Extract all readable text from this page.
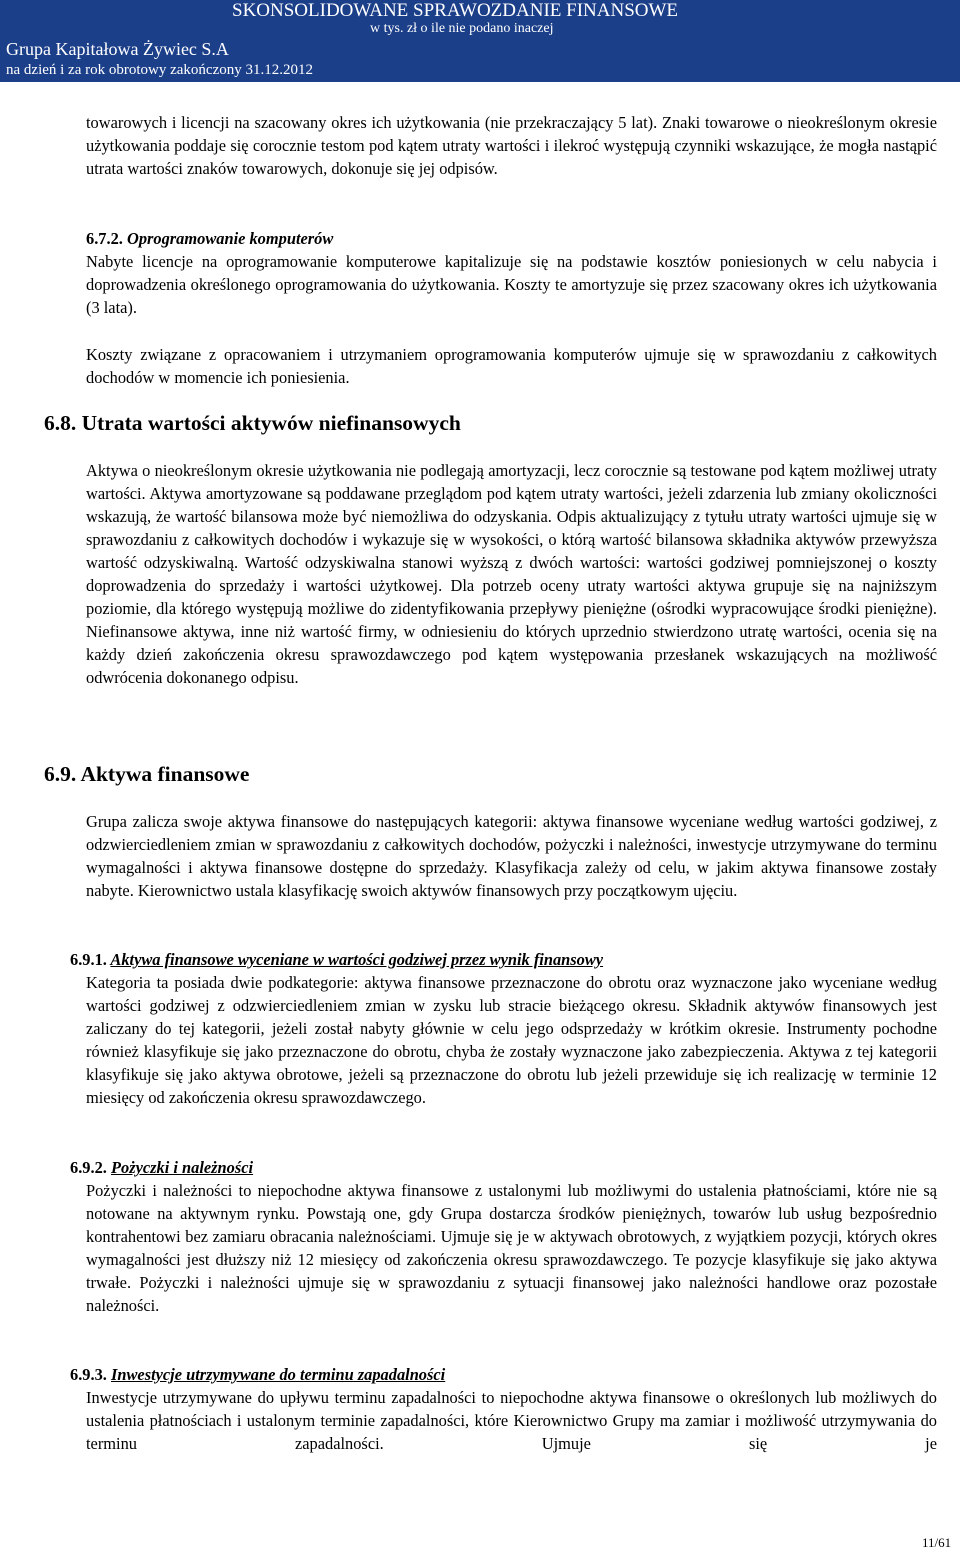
SKONSOLIDOWANE SPRAWOZDANIE FINANSOWE
w tys. zł o ile nie podano inaczej
Grupa Kapitałowa Żywiec S.A
na dzień i za rok obrotowy zakończony 31.12.2012

towarowych i licencji na szacowany okres ich użytkowania (nie przekraczający 5 lat). Znaki towarowe o nieokreślonym okresie użytkowania poddaje się corocznie testom pod kątem utraty wartości i ilekroć występują czynniki wskazujące, że mogła nastąpić utrata wartości znaków towarowych, dokonuje się jej odpisów.

6.7.2. Oprogramowanie komputerów

Nabyte licencje na oprogramowanie komputerowe kapitalizuje się na podstawie kosztów poniesionych w celu nabycia i doprowadzenia określonego oprogramowania do użytkowania. Koszty te amortyzuje się przez szacowany okres ich użytkowania (3 lata).

Koszty związane z opracowaniem i utrzymaniem oprogramowania komputerów ujmuje się w sprawozdaniu z całkowitych dochodów w momencie ich poniesienia.

6.8. Utrata wartości aktywów niefinansowych

Aktywa o nieokreślonym okresie użytkowania nie podlegają amortyzacji, lecz corocznie są testowane pod kątem możliwej utraty wartości. Aktywa amortyzowane są poddawane przeglądom pod kątem utraty wartości, jeżeli zdarzenia lub zmiany okoliczności wskazują, że wartość bilansowa może być niemożliwa do odzyskania. Odpis aktualizujący z tytułu utraty wartości ujmuje się w sprawozdaniu z całkowitych dochodów i wykazuje się w wysokości, o którą wartość bilansowa składnika aktywów przewyższa wartość odzyskiwalną. Wartość odzyskiwalna stanowi wyższą z dwóch wartości: wartości godziwej pomniejszonej o koszty doprowadzenia do sprzedaży i wartości użytkowej. Dla potrzeb oceny utraty wartości aktywa grupuje się na najniższym poziomie, dla którego występują możliwe do zidentyfikowania przepływy pieniężne (ośrodki wypracowujące środki pieniężne). Niefinansowe aktywa, inne niż wartość firmy, w odniesieniu do których uprzednio stwierdzono utratę wartości, ocenia się na każdy dzień zakończenia okresu sprawozdawczego pod kątem występowania przesłanek wskazujących na możliwość odwrócenia dokonanego odpisu.

6.9. Aktywa finansowe

Grupa zalicza swoje aktywa finansowe do następujących kategorii: aktywa finansowe wyceniane według wartości godziwej, z odzwierciedleniem zmian w sprawozdaniu z całkowitych dochodów, pożyczki i należności, inwestycje utrzymywane do terminu wymagalności i aktywa finansowe dostępne do sprzedaży. Klasyfikacja zależy od celu, w jakim aktywa finansowe zostały nabyte. Kierownictwo ustala klasyfikację swoich aktywów finansowych przy początkowym ujęciu.

6.9.1. Aktywa finansowe wyceniane w wartości godziwej przez wynik finansowy

Kategoria ta posiada dwie podkategorie: aktywa finansowe przeznaczone do obrotu oraz wyznaczone jako wyceniane według wartości godziwej z odzwierciedleniem zmian w zysku lub stracie bieżącego okresu. Składnik aktywów finansowych jest zaliczany do tej kategorii, jeżeli został nabyty głównie w celu jego odsprzedaży w krótkim okresie. Instrumenty pochodne również klasyfikuje się jako przeznaczone do obrotu, chyba że zostały wyznaczone jako zabezpieczenia. Aktywa z tej kategorii klasyfikuje się jako aktywa obrotowe, jeżeli są przeznaczone do obrotu lub jeżeli przewiduje się ich realizację w terminie 12 miesięcy od zakończenia okresu sprawozdawczego.

6.9.2. Pożyczki i należności

Pożyczki i należności to niepochodne aktywa finansowe z ustalonymi lub możliwymi do ustalenia płatnościami, które nie są notowane na aktywnym rynku. Powstają one, gdy Grupa dostarcza środków pieniężnych, towarów lub usług bezpośrednio kontrahentowi bez zamiaru obracania należnościami. Ujmuje się je w aktywach obrotowych, z wyjątkiem pozycji, których okres wymagalności jest dłuższy niż 12 miesięcy od zakończenia okresu sprawozdawczego. Te pozycje klasyfikuje się jako aktywa trwałe. Pożyczki i należności ujmuje się w sprawozdaniu z sytuacji finansowej jako należności handlowe oraz pozostałe należności.

6.9.3. Inwestycje utrzymywane do terminu zapadalności

Inwestycje utrzymywane do upływu terminu zapadalności to niepochodne aktywa finansowe o określonych lub możliwych do ustalenia płatnościach i ustalonym terminie zapadalności, które Kierownictwo Grupy ma zamiar i możliwość utrzymywania do terminu zapadalności. Ujmuje się je

11/61
